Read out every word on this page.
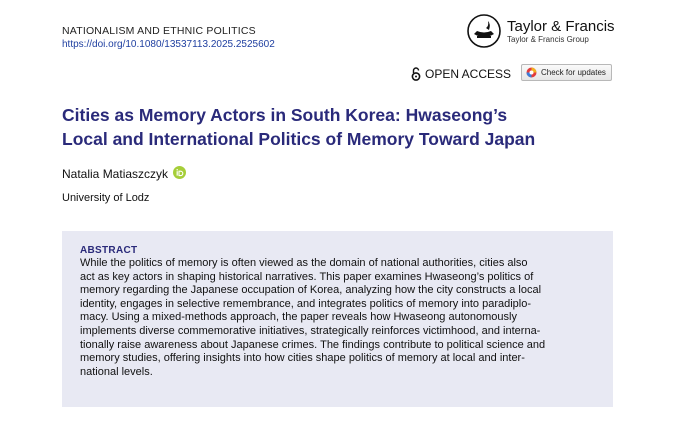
NATIONALISM AND ETHNIC POLITICS
https://doi.org/10.1080/13537113.2025.2525602
Taylor & Francis
Taylor & Francis Group
OPEN ACCESS	Check for updates
Cities as Memory Actors in South Korea: Hwaseong’s
Local and International Politics of Memory Toward Japan
Natalia Matiaszczyk
University of Lodz
ABSTRACT

While the politics of memory is often viewed as the domain of national authorities, cities also
act as key actors in shaping historical narratives. This paper examines Hwaseong’s politics of
memory regarding the Japanese occupation of Korea, analyzing how the city constructs a local
identity, engages in selective remembrance, and integrates politics of memory into paradiplo-
macy. Using a mixed-methods approach, the paper reveals how Hwaseong autonomously
implements diverse commemorative initiatives, strategically reinforces victimhood, and interna-
tionally raise awareness about Japanese crimes. The findings contribute to political science and
memory studies, offering insights into how cities shape politics of memory at local and inter-
national levels.
